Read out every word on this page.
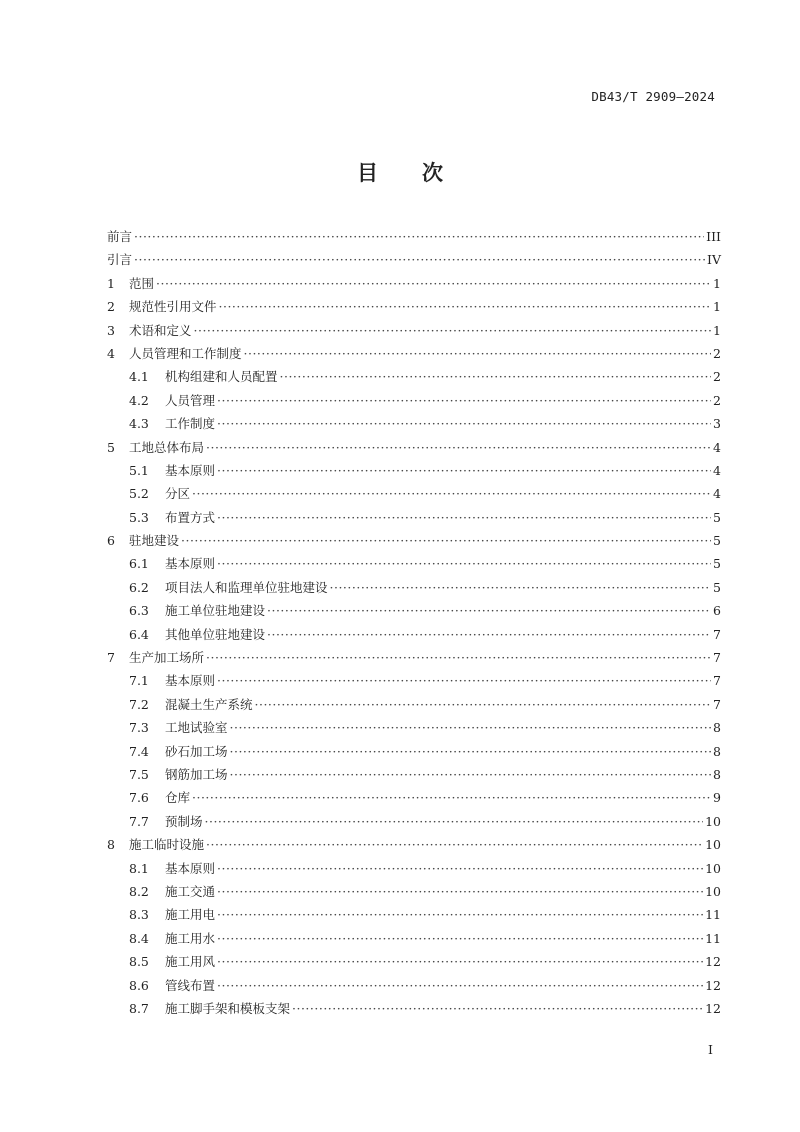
DB43/T 2909—2024
目次
前言 ·····	III
引言 ·····	IV
1	范围 ·····	1
2	规范性引用文件 ·····	1
3	术语和定义 ·····	1
4	人员管理和工作制度 ·····	2
4.1	机构组建和人员配置 ·····	2
4.2	人员管理 ·····	2
4.3	工作制度 ·····	3
5	工地总体布局 ·····	4
5.1	基本原则 ·····	4
5.2	分区 ·····	4
5.3	布置方式 ·····	5
6	驻地建设 ·····	5
6.1	基本原则 ·····	5
6.2	项目法人和监理单位驻地建设 ·····	5
6.3	施工单位驻地建设 ·····	6
6.4	其他单位驻地建设 ·····	7
7	生产加工场所 ·····	7
7.1	基本原则 ·····	7
7.2	混凝土生产系统 ·····	7
7.3	工地试验室 ·····	8
7.4	砂石加工场 ·····	8
7.5	钢筋加工场 ·····	8
7.6	仓库 ·····	9
7.7	预制场 ·····	10
8	施工临时设施 ·····	10
8.1	基本原则 ·····	10
8.2	施工交通 ·····	10
8.3	施工用电 ·····	11
8.4	施工用水 ·····	11
8.5	施工用风 ·····	12
8.6	管线布置 ·····	12
8.7	施工脚手架和模板支架 ·····	12
I
